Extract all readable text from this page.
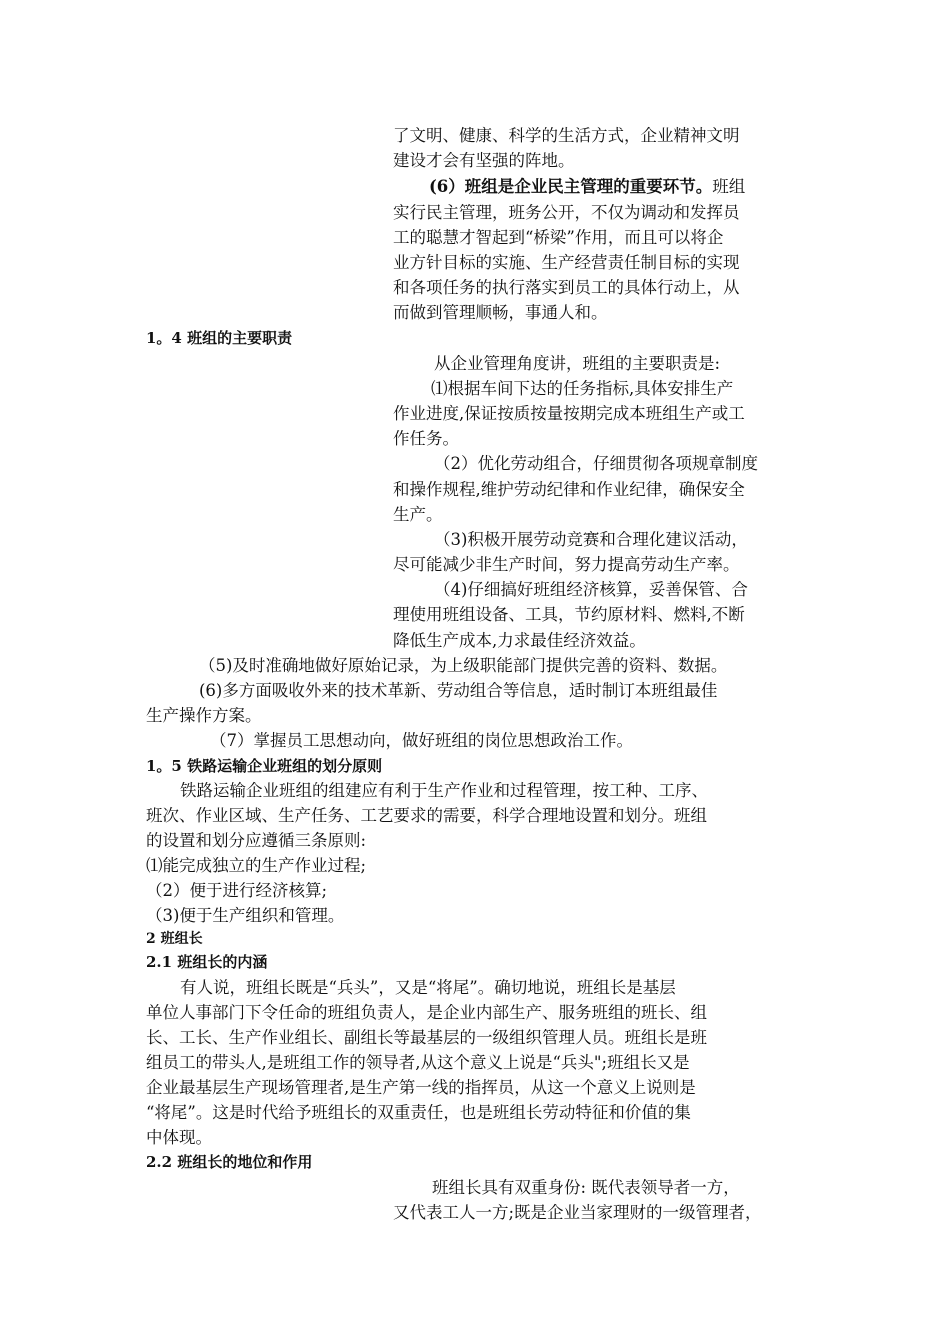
了文明、健康、科学的生活方式，企业精神文明
建设才会有坚强的阵地。
(6）班组是企业民主管理的重要环节。班组
实行民主管理，班务公开，不仅为调动和发挥员
工的聪慧才智起到“桥梁”作用，而且可以将企
业方针目标的实施、生产经营责任制目标的实现
和各项任务的执行落实到员工的具体行动上，从
而做到管理顺畅，事通人和。
1。4 班组的主要职责
从企业管理角度讲，班组的主要职责是:
⑴根据车间下达的任务指标,具体安排生产
作业进度,保证按质按量按期完成本班组生产或工
作任务。
（2）优化劳动组合，仔细贯彻各项规章制度
和操作规程,维护劳动纪律和作业纪律，确保安全
生产。
（3)积极开展劳动竞赛和合理化建议活动，
尽可能减少非生产时间，努力提高劳动生产率。
（4)仔细搞好班组经济核算，妥善保管、合
理使用班组设备、工具，节约原材料、燃料,不断
降低生产成本,力求最佳经济效益。
（5)及时准确地做好原始记录，为上级职能部门提供完善的资料、数据。
(6)多方面吸收外来的技术革新、劳动组合等信息，适时制订本班组最佳
生产操作方案。
（7）掌握员工思想动向，做好班组的岗位思想政治工作。
1。5 铁路运输企业班组的划分原则
铁路运输企业班组的组建应有利于生产作业和过程管理，按工种、工序、
班次、作业区域、生产任务、工艺要求的需要，科学合理地设置和划分。班组
的设置和划分应遵循三条原则:
⑴能完成独立的生产作业过程;
（2）便于进行经济核算;
（3)便于生产组织和管理。
2 班组长
2.1 班组长的内涵
有人说，班组长既是“兵头”，又是“将尾”。确切地说，班组长是基层
单位人事部门下令任命的班组负责人，是企业内部生产、服务班组的班长、组
长、工长、生产作业组长、副组长等最基层的一级组织管理人员。班组长是班
组员工的带头人,是班组工作的领导者,从这个意义上说是“兵头";班组长又是
企业最基层生产现场管理者,是生产第一线的指挥员，从这一个意义上说则是
“将尾”。这是时代给予班组长的双重责任，也是班组长劳动特征和价值的集
中体现。
2.2 班组长的地位和作用
班组长具有双重身份: 既代表领导者一方，
又代表工人一方;既是企业当家理财的一级管理者，
